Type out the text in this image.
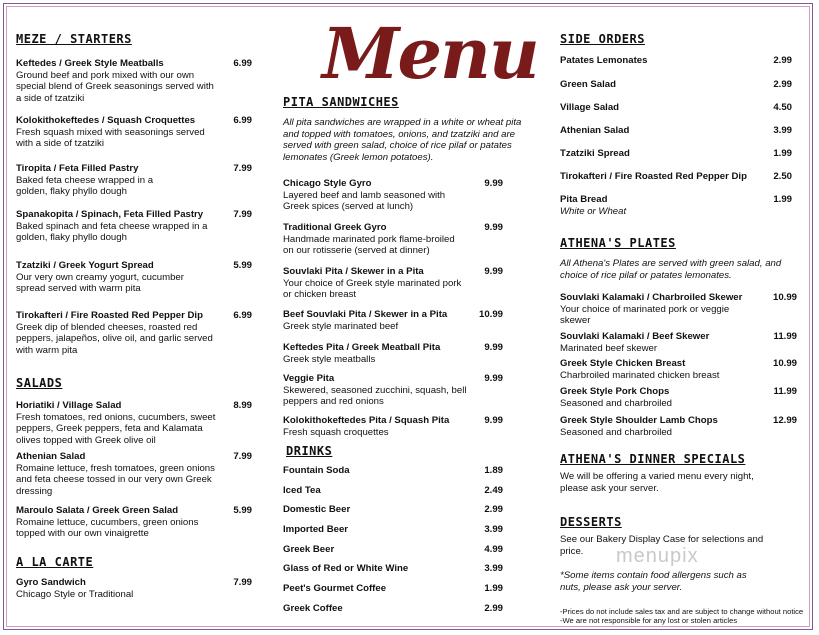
Menu
menupix
MEZE / STARTERS
Keftedes / Greek Style Meatballs
Ground beef and pork mixed with our own special blend of Greek seasonings served with a side of tzatziki
6.99
Kolokithokeftedes / Squash Croquettes
Fresh squash mixed with seasonings served with a side of tzatziki
6.99
Tiropita / Feta Filled Pastry
Baked feta cheese wrapped in a golden, flaky phyllo dough
7.99
Spanakopita / Spinach, Feta Filled Pastry
Baked spinach and feta cheese wrapped in a golden, flaky phyllo dough
7.99
Tzatziki / Greek Yogurt Spread
Our very own creamy yogurt, cucumber spread served with warm pita
5.99
Tirokafteri / Fire Roasted Red Pepper Dip
Greek dip of blended cheeses, roasted red peppers, jalapeños, olive oil, and garlic served with warm pita
6.99
SALADS
Horiatiki / Village Salad
Fresh tomatoes, red onions, cucumbers, sweet peppers, Greek peppers, feta and Kalamata olives topped with Greek olive oil
8.99
Athenian Salad
Romaine lettuce, fresh tomatoes, green onions and feta cheese tossed in our very own Greek dressing
7.99
Maroulo Salata / Greek Green Salad
Romaine lettuce, cucumbers, green onions topped with our own vinaigrette
5.99
A LA CARTE
Gyro Sandwich
Chicago Style or Traditional
7.99
PITA SANDWICHES
All pita sandwiches are wrapped in a white or wheat pita and topped with tomatoes, onions, and tzatziki and are served with green salad, choice of rice pilaf or patates lemonates (Greek lemon potatoes).
Chicago Style Gyro
Layered beef and lamb seasoned with Greek spices (served at lunch)
9.99
Traditional Greek Gyro
Handmade marinated pork flame-broiled on our rotisserie (served at dinner)
9.99
Souvlaki Pita / Skewer in a Pita
Your choice of Greek style marinated pork or chicken breast
9.99
Beef Souvlaki Pita / Skewer in a Pita
Greek style marinated beef
10.99
Keftedes Pita / Greek Meatball Pita
Greek style meatballs
9.99
Veggie Pita
Skewered, seasoned zucchini, squash, bell peppers and red onions
9.99
Kolokithokeftedes Pita / Squash Pita
Fresh squash croquettes
9.99
DRINKS
Fountain Soda	1.89
Iced Tea	2.49
Domestic Beer	2.99
Imported Beer	3.99
Greek Beer	4.99
Glass of Red or White Wine	3.99
Peet's Gourmet Coffee	1.99
Greek Coffee	2.99
SIDE ORDERS
Patates Lemonates	2.99
Green Salad	2.99
Village Salad	4.50
Athenian Salad	3.99
Tzatziki Spread	1.99
Tirokafteri / Fire Roasted Red Pepper Dip	2.50
Pita Bread
White or Wheat
1.99
ATHENA'S PLATES
All Athena's Plates are served with green salad, and choice of rice pilaf or patates lemonates.
Souvlaki Kalamaki / Charbroiled Skewer
Your choice of marinated pork or veggie skewer
10.99
Souvlaki Kalamaki / Beef Skewer
Marinated beef skewer
11.99
Greek Style Chicken Breast
Charbroiled marinated chicken breast
10.99
Greek Style Pork Chops
Seasoned and charbroiled
11.99
Greek Style Shoulder Lamb Chops
Seasoned and charbroiled
12.99
ATHENA'S DINNER SPECIALS
We will be offering a varied menu every night, please ask your server.
DESSERTS
See our Bakery Display Case for selections and price.
*Some items contain food allergens such as nuts, please ask your server.
-Prices do not include sales tax and are subject to change without notice
-We are not responsible for any lost or stolen articles
